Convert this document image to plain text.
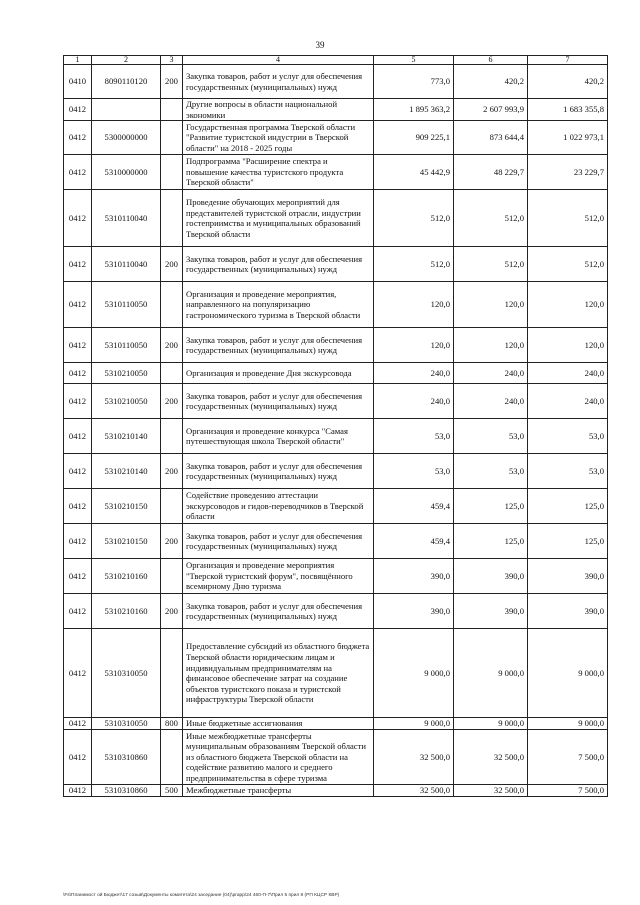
39
1	2	3	4	5	6	7
0410	8090110120	200	Закупка товаров, работ и услуг для обеспечения государственных (муниципальных) нужд	773,0	420,2	420,2
0412			Другие вопросы в области национальной экономики	1 895 363,2	2 607 993,9	1 683 355,8
0412	5300000000		Государственная программа Тверской области "Развитие туристской индустрии в Тверской области" на 2018 - 2025 годы	909 225,1	873 644,4	1 022 973,1
0412	5310000000		Подпрограмма "Расширение спектра и повышение качества туристского продукта Тверской области"	45 442,9	48 229,7	23 229,7
0412	5310110040		Проведение обучающих мероприятий для представителей туристской отрасли, индустрии гостеприимства и муниципальных образований Тверской области	512,0	512,0	512,0
0412	5310110040	200	Закупка товаров, работ и услуг для обеспечения государственных (муниципальных) нужд	512,0	512,0	512,0
0412	5310110050		Организация и проведение мероприятия, направленного на популяризацию гастрономического туризма в Тверской области	120,0	120,0	120,0
0412	5310110050	200	Закупка товаров, работ и услуг для обеспечения государственных (муниципальных) нужд	120,0	120,0	120,0
0412	5310210050		Организация и проведение Дня экскурсовода	240,0	240,0	240,0
0412	5310210050	200	Закупка товаров, работ и услуг для обеспечения государственных (муниципальных) нужд	240,0	240,0	240,0
0412	5310210140		Организация и проведение конкурса "Самая путешествующая школа Тверской области"	53,0	53,0	53,0
0412	5310210140	200	Закупка товаров, работ и услуг для обеспечения государственных (муниципальных) нужд	53,0	53,0	53,0
0412	5310210150		Содействие проведению аттестации экскурсоводов и гидов-переводчиков в Тверской области	459,4	125,0	125,0
0412	5310210150	200	Закупка товаров, работ и услуг для обеспечения государственных (муниципальных) нужд	459,4	125,0	125,0
0412	5310210160		Организация и проведение мероприятия "Тверской туристский форум", посвящённого всемирному Дню туризма	390,0	390,0	390,0
0412	5310210160	200	Закупка товаров, работ и услуг для обеспечения государственных (муниципальных) нужд	390,0	390,0	390,0
0412	5310310050		Предоставление субсидий из областного бюджета Тверской области юридическим лицам и индивидуальным предпринимателям на финансовое обеспечение затрат на создание объектов туристского показа и туристской инфраструктуры Тверской области	9 000,0	9 000,0	9 000,0
0412	5310310050	800	Иные бюджетные ассигнования	9 000,0	9 000,0	9 000,0
0412	5310310860		Иные межбюджетные трансферты муниципальным образованиям Тверской области из областного бюджета Тверской области на содействие развитию малого и среднего предпринимательства в сфере туризма	32 500,0	32 500,0	7 500,0
0412	5310310860	500	Межбюджетные трансферты	32 500,0	32 500,0	7 500,0
\Fs\Планимост ой Бюджет\17 созыв\Документы комитета\24 заседание (04)\ргарр\24 460-П-7\Прил 5 прил 8 (РП КЦСР КВР)
